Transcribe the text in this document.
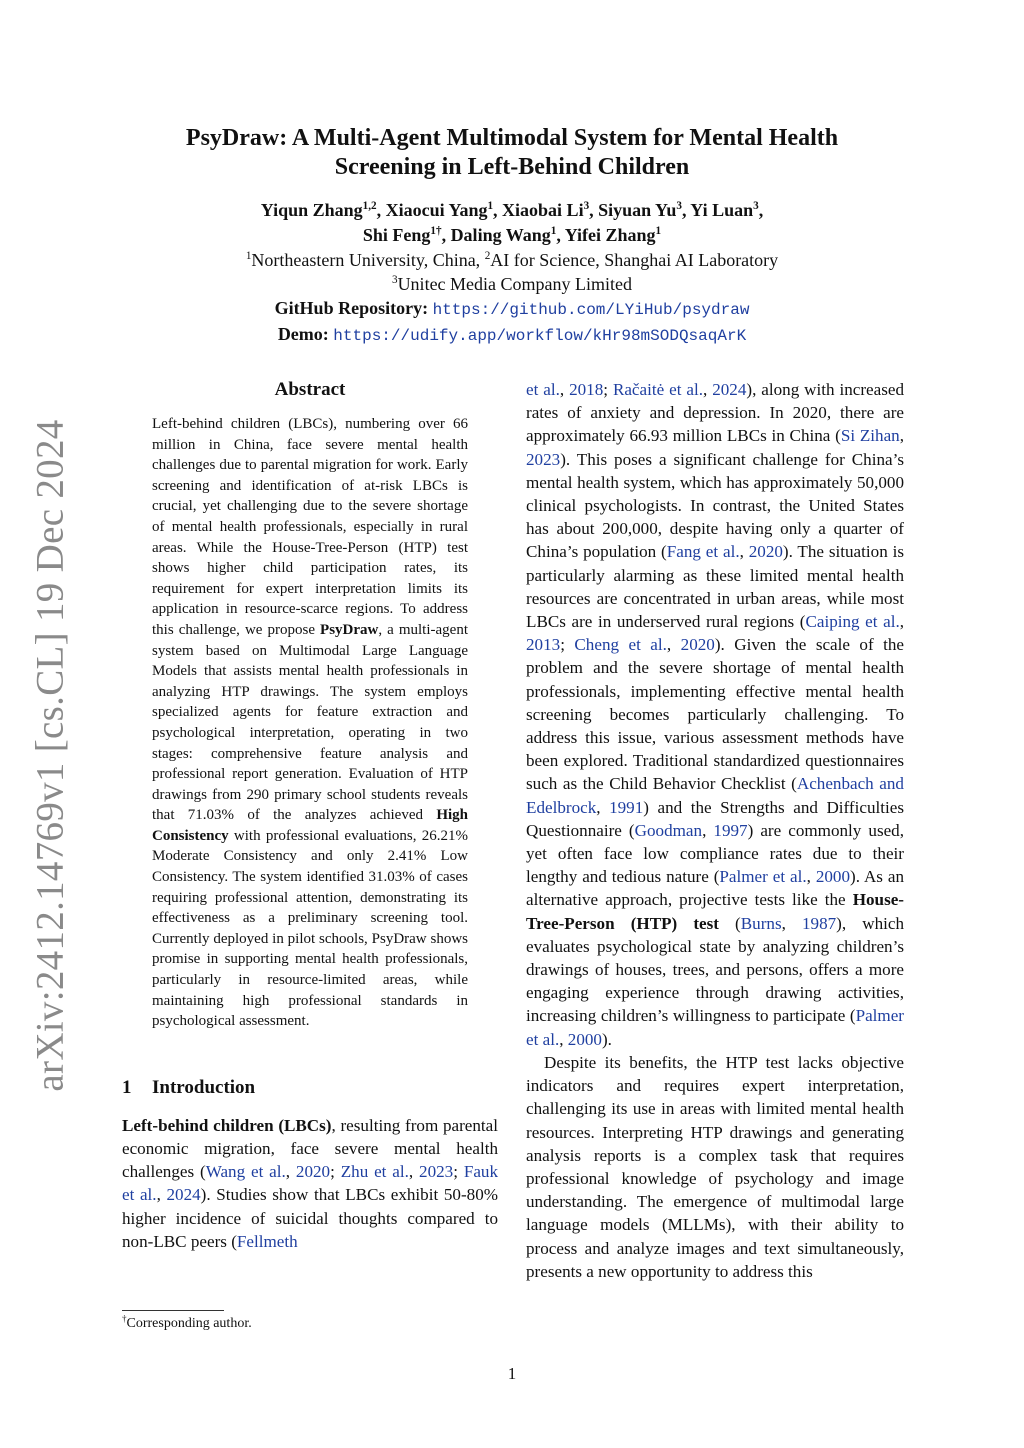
arXiv:2412.14769v1 [cs.CL] 19 Dec 2024
PsyDraw: A Multi-Agent Multimodal System for Mental Health
Screening in Left-Behind Children
Yiqun Zhang$^{1,2}$, Xiaocui Yang$^1$, Xiaobai Li$^3$, Siyuan Yu$^3$, Yi Luan$^3$,
Shi Feng$^{1\dagger}$, Daling Wang$^1$, Yifei Zhang$^1$
$^1$Northeastern University, China, $^2$AI for Science, Shanghai AI Laboratory
$^3$Unitec Media Company Limited
GitHub Repository: https://github.com/LYiHub/psydraw
Demo: https://udify.app/workflow/kHr98mSODQsaqArK
Abstract

Left-behind children (LBCs), numbering over 66 million in China, face severe mental health challenges due to parental migration for work. Early screening and identification of at-risk LBCs is crucial, yet challenging due to the severe shortage of mental health professionals, especially in rural areas. While the House-Tree-Person (HTP) test shows higher child participation rates, its requirement for expert interpretation limits its application in resource-scarce regions. To address this challenge, we propose PsyDraw, a multi-agent system based on Multimodal Large Language Models that assists mental health professionals in analyzing HTP drawings. The system employs specialized agents for feature extraction and psychological interpretation, operating in two stages: comprehensive feature analysis and professional report generation. Evaluation of HTP drawings from 290 primary school students reveals that 71.03% of the analyzes achieved High Consistency with professional evaluations, 26.21% Moderate Consistency and only 2.41% Low Consistency. The system identified 31.03% of cases requiring professional attention, demonstrating its effectiveness as a preliminary screening tool. Currently deployed in pilot schools, PsyDraw shows promise in supporting mental health professionals, particularly in resource-limited areas, while maintaining high professional standards in psychological assessment.

1 Introduction

Left-behind children (LBCs), resulting from parental economic migration, face severe mental health challenges (Wang et al., 2020; Zhu et al., 2023; Fauk et al., 2024). Studies show that LBCs exhibit 50-80% higher incidence of suicidal thoughts compared to non-LBC peers (Fellmeth

et al., 2018; Račaitė et al., 2024), along with increased rates of anxiety and depression. In 2020, there are approximately 66.93 million LBCs in China (Si Zihan, 2023). This poses a significant challenge for China’s mental health system, which has approximately 50,000 clinical psychologists. In contrast, the United States has about 200,000, despite having only a quarter of China’s population (Fang et al., 2020). The situation is particularly alarming as these limited mental health resources are concentrated in urban areas, while most LBCs are in underserved rural regions (Caiping et al., 2013; Cheng et al., 2020). Given the scale of the problem and the severe shortage of mental health professionals, implementing effective mental health screening becomes particularly challenging. To address this issue, various assessment methods have been explored. Traditional standardized questionnaires such as the Child Behavior Checklist (Achenbach and Edelbrock, 1991) and the Strengths and Difficulties Questionnaire (Goodman, 1997) are commonly used, yet often face low compliance rates due to their lengthy and tedious nature (Palmer et al., 2000). As an alternative approach, projective tests like the House-Tree-Person (HTP) test (Burns, 1987), which evaluates psychological state by analyzing children’s drawings of houses, trees, and persons, offers a more engaging experience through drawing activities, increasing children’s willingness to participate (Palmer et al., 2000).

Despite its benefits, the HTP test lacks objective indicators and requires expert interpretation, challenging its use in areas with limited mental health resources. Interpreting HTP drawings and generating analysis reports is a complex task that requires professional knowledge of psychology and image understanding. The emergence of multimodal large language models (MLLMs), with their ability to process and analyze images and text simultaneously, presents a new opportunity to address this

†Corresponding author.
1
